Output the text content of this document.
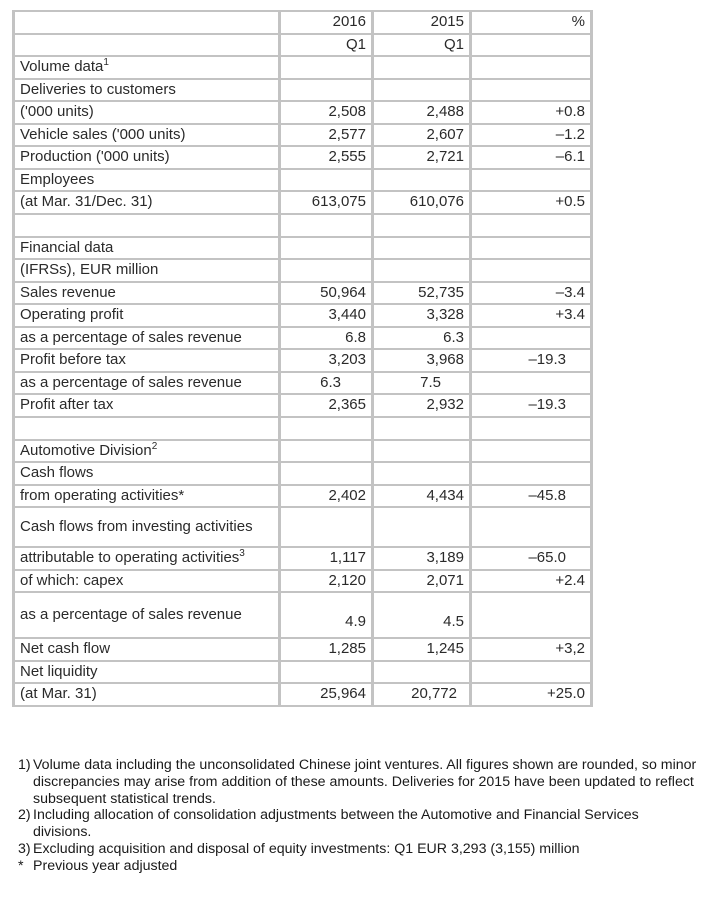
	2016	2015	%
	Q1	Q1	
Volume data$^1$			
Deliveries to customers			
('000 units)	2,508	2,488	+0.8
Vehicle sales ('000 units)	2,577	2,607	–1.2
Production ('000 units)	2,555	2,721	–6.1
Employees			
(at Mar. 31/Dec. 31)	613,075	610,076	+0.5

Financial data			
(IFRSs), EUR million			
Sales revenue	50,964	52,735	–3.4
Operating profit	3,440	3,328	+3.4
as a percentage of sales revenue	6.8	6.3	
Profit before tax	3,203	3,968	–19.3
as a percentage of sales revenue	6.3	7.5	
Profit after tax	2,365	2,932	–19.3

Automotive Division$^2$			
Cash flows			
from operating activities*	2,402	4,434	–45.8
Cash flows from investing activities			
attributable to operating activities$^3$	1,117	3,189	–65.0
of which: capex	2,120	2,071	+2.4
as a percentage of sales revenue	4.9	4.5	
Net cash flow	1,285	1,245	+3,2
Net liquidity			
(at Mar. 31)	25,964	20,772	+25.0
1) Volume data including the unconsolidated Chinese joint ventures. All figures shown are rounded, so minor discrepancies may arise from addition of these amounts. Deliveries for 2015 have been updated to reflect subsequent statistical trends.
2) Including allocation of consolidation adjustments between the Automotive and Financial Services divisions.
3) Excluding acquisition and disposal of equity investments: Q1 EUR 3,293 (3,155) million
* Previous year adjusted
